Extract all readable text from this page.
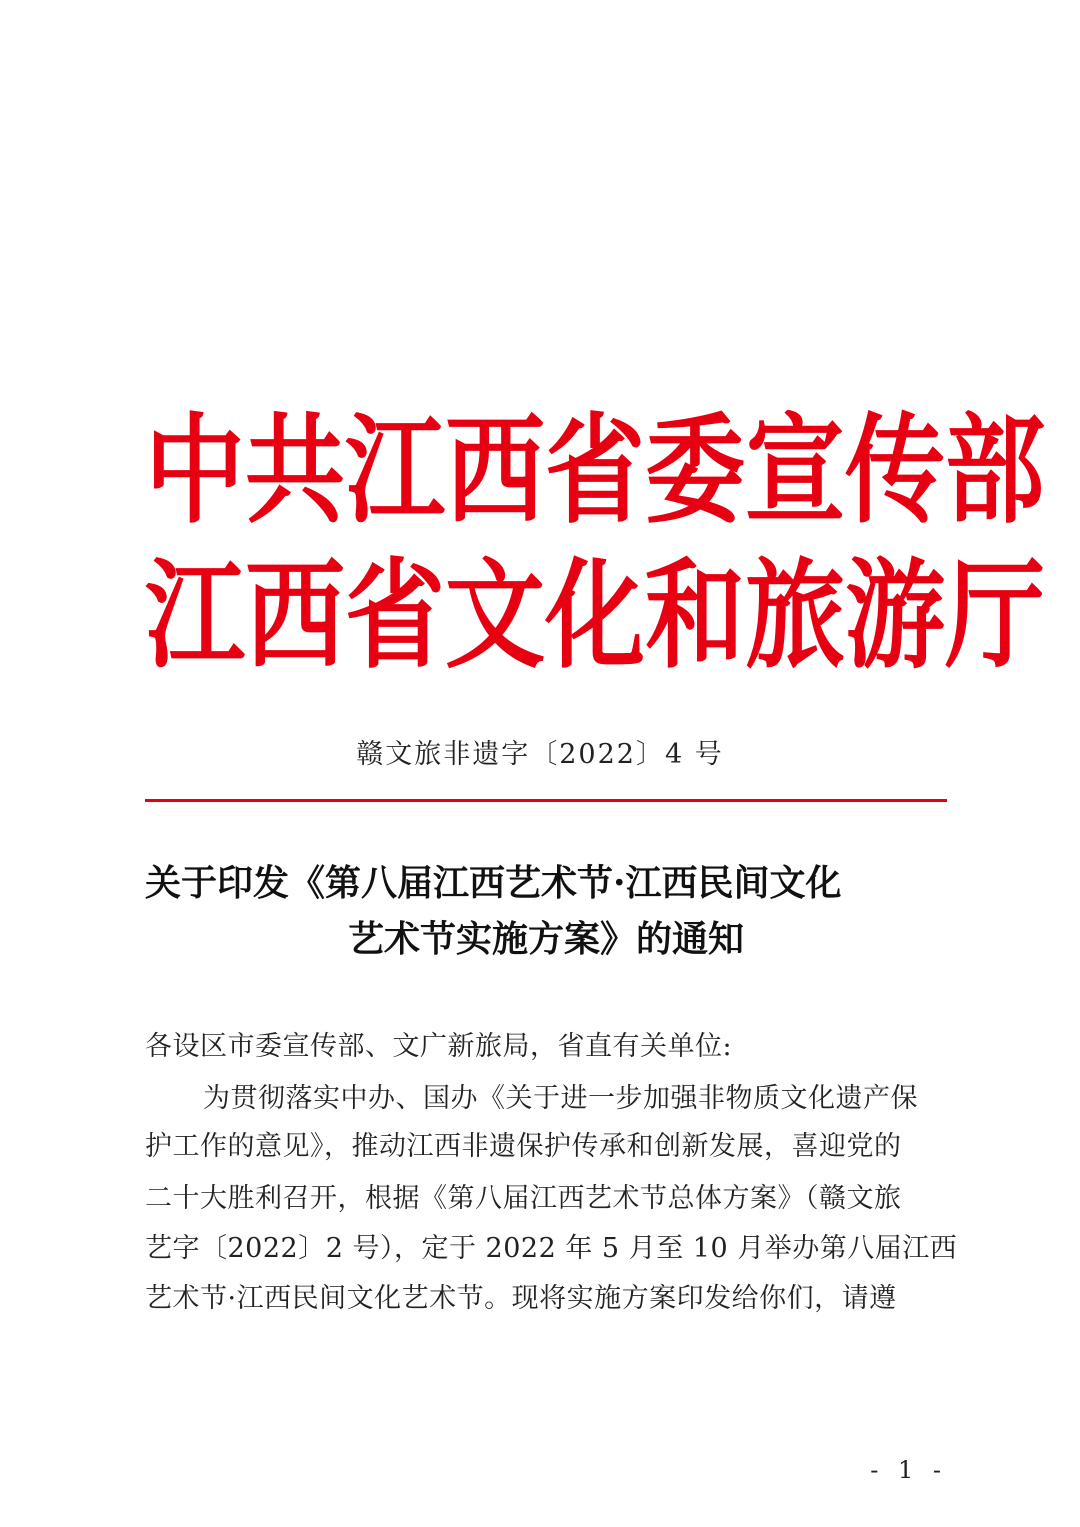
中 共 江 西 省 委 宣 传 部
江 西 省 文 化 和 旅 游 厅
赣文旅非遗字〔2022〕4 号
关于印发《第八届江西艺术节·江西民间文化
艺术节实施方案》的通知
各设区市委宣传部、文广新旅局，省直有关单位:
为贯彻落实中办、国办《关于进一步加强非物质文化遗产保
护工作的意见》，推动江西非遗保护传承和创新发展，喜迎党的
二十大胜利召开，根据《第八届江西艺术节总体方案》（赣文旅
艺字〔2022〕2 号），定于 2022 年 5 月至 10 月举办第八届江西
艺术节·江西民间文化艺术节。现将实施方案印发给你们，请遵
- 1 -
